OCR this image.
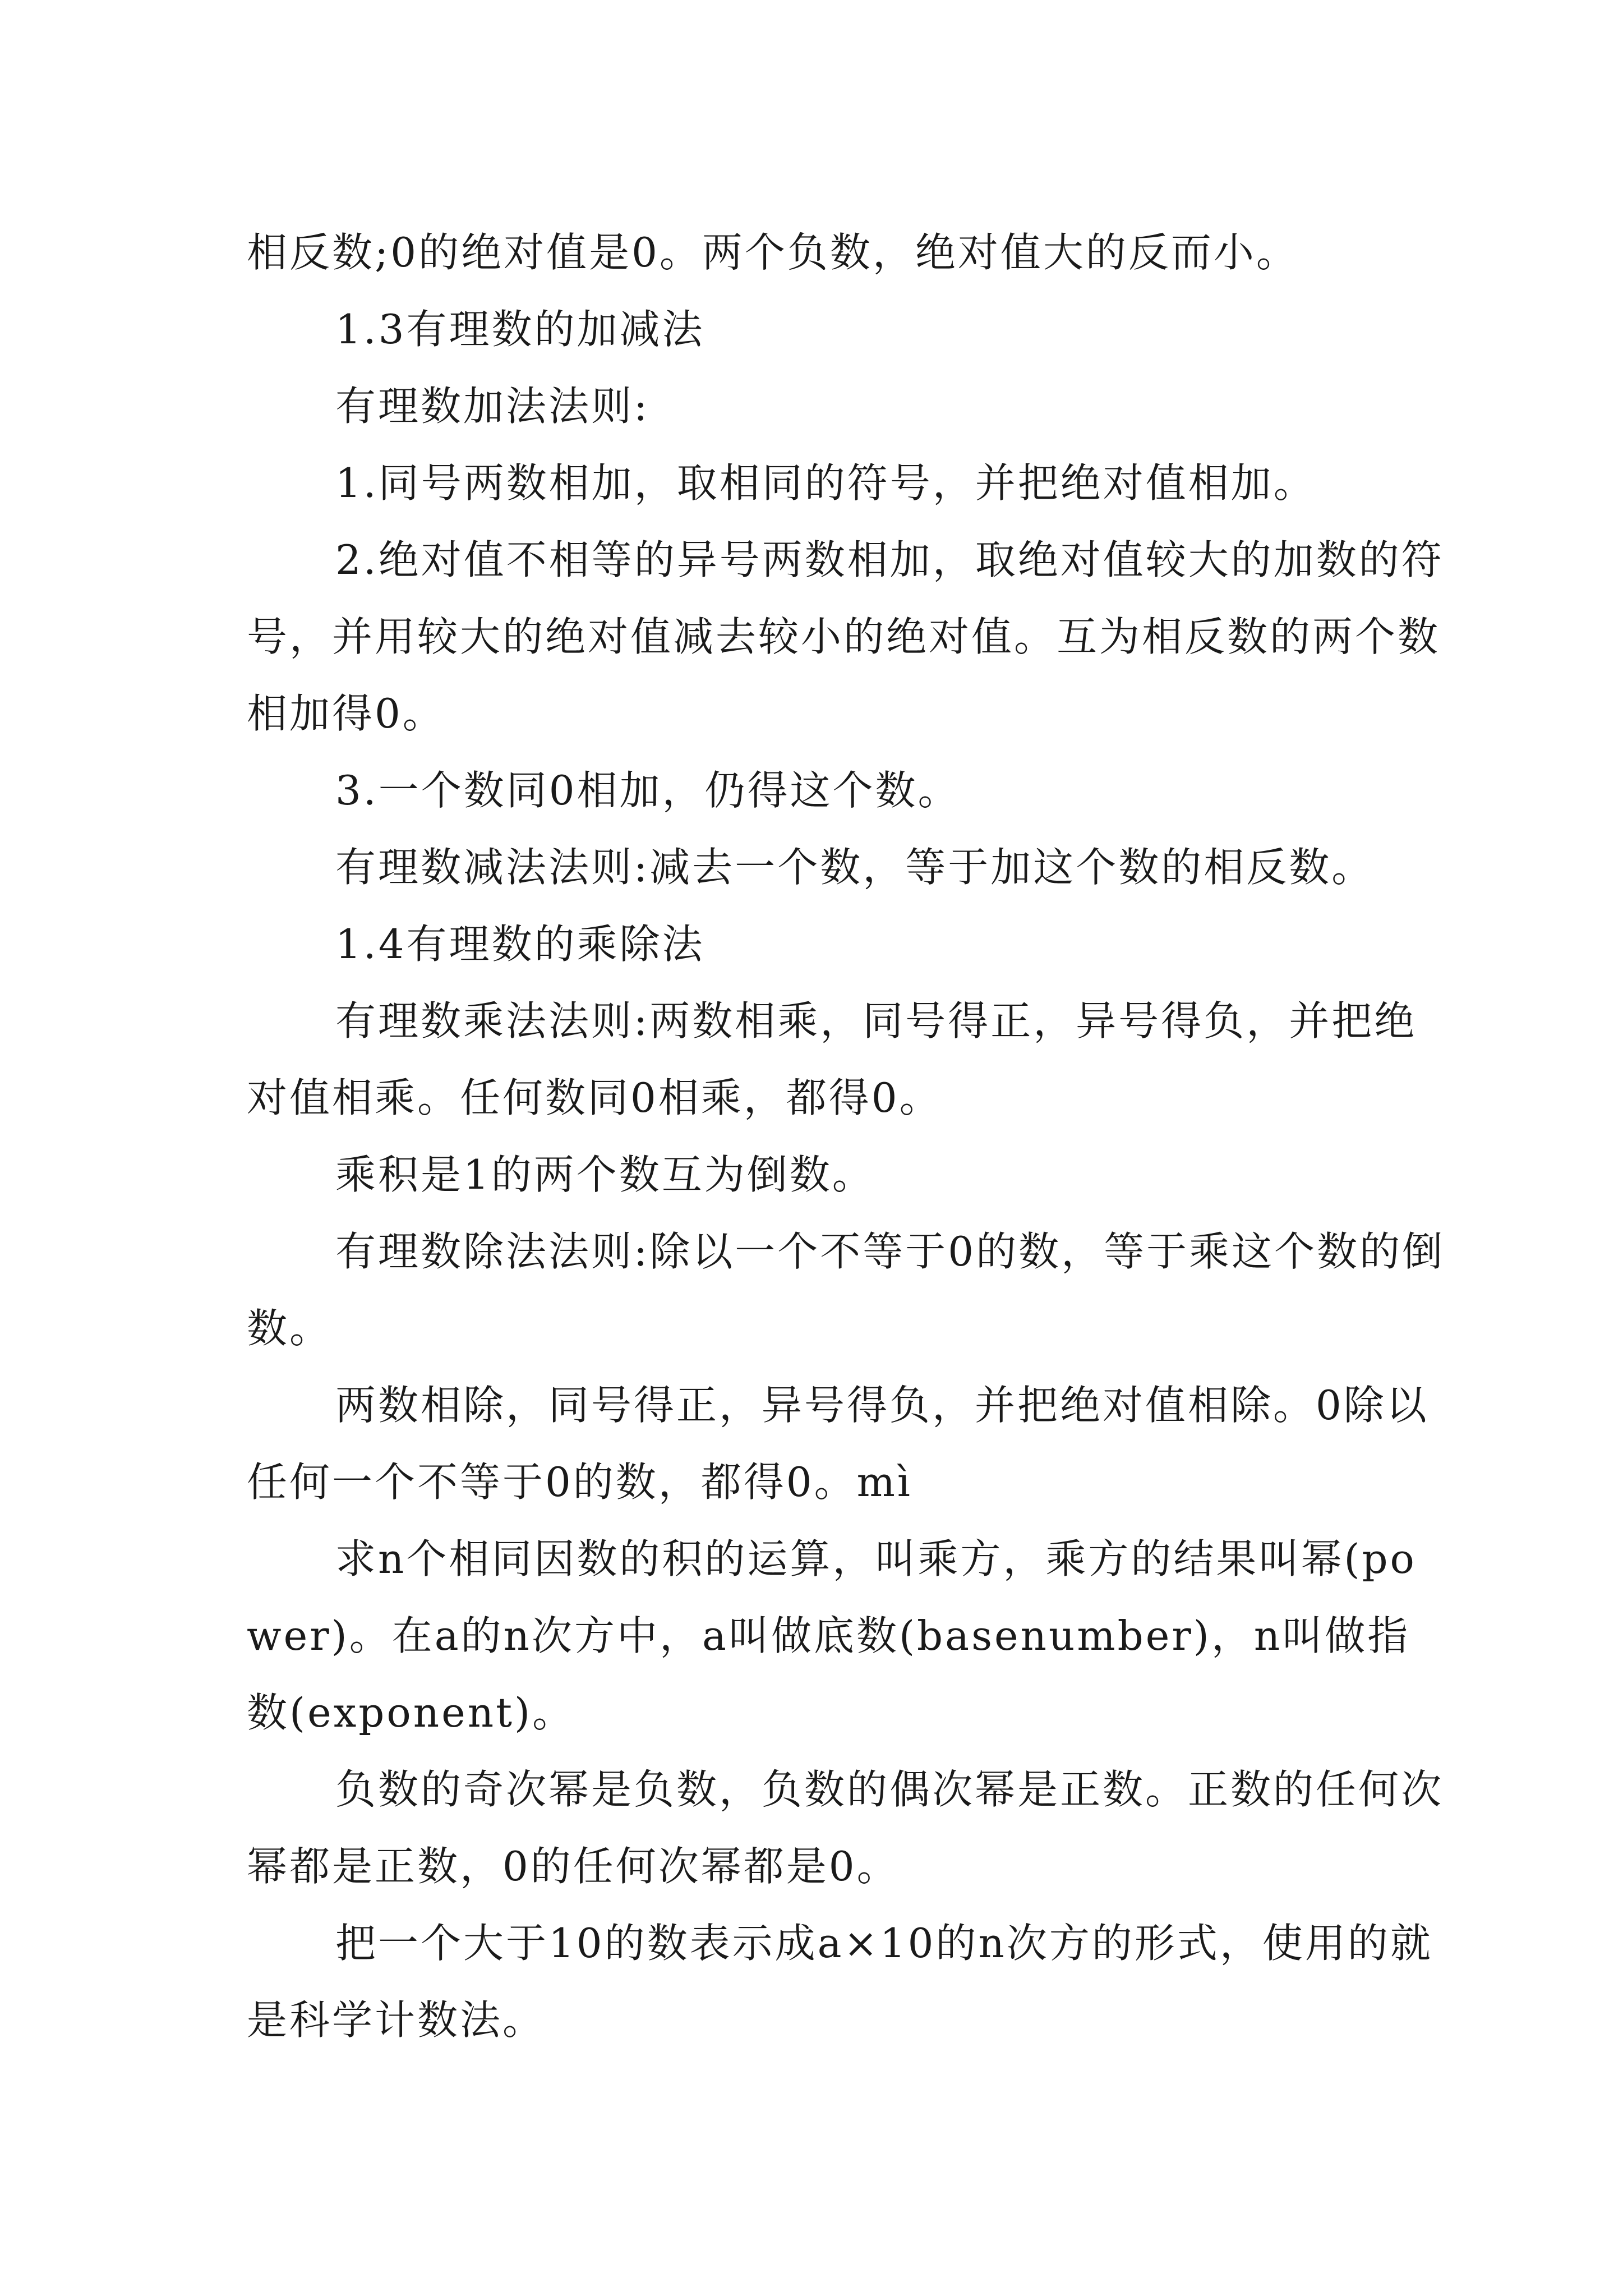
相反数;0的绝对值是0。两个负数，绝对值大的反而小。

1.3有理数的加减法

有理数加法法则:

1.同号两数相加，取相同的符号，并把绝对值相加。

2.绝对值不相等的异号两数相加，取绝对值较大的加数的符号，并用较大的绝对值减去较小的绝对值。互为相反数的两个数相加得0。

3.一个数同0相加，仍得这个数。

有理数减法法则:减去一个数，等于加这个数的相反数。

1.4有理数的乘除法

有理数乘法法则:两数相乘，同号得正，异号得负，并把绝对值相乘。任何数同0相乘，都得0。

乘积是1的两个数互为倒数。

有理数除法法则:除以一个不等于0的数，等于乘这个数的倒数。

两数相除，同号得正，异号得负，并把绝对值相除。0除以任何一个不等于0的数，都得0。mì

求n个相同因数的积的运算，叫乘方，乘方的结果叫幂(power)。在a的n次方中，a叫做底数(basenumber)，n叫做指数(exponent)。

负数的奇次幂是负数，负数的偶次幂是正数。正数的任何次幂都是正数，0的任何次幂都是0。

把一个大于10的数表示成a×10的n次方的形式，使用的就是科学计数法。
